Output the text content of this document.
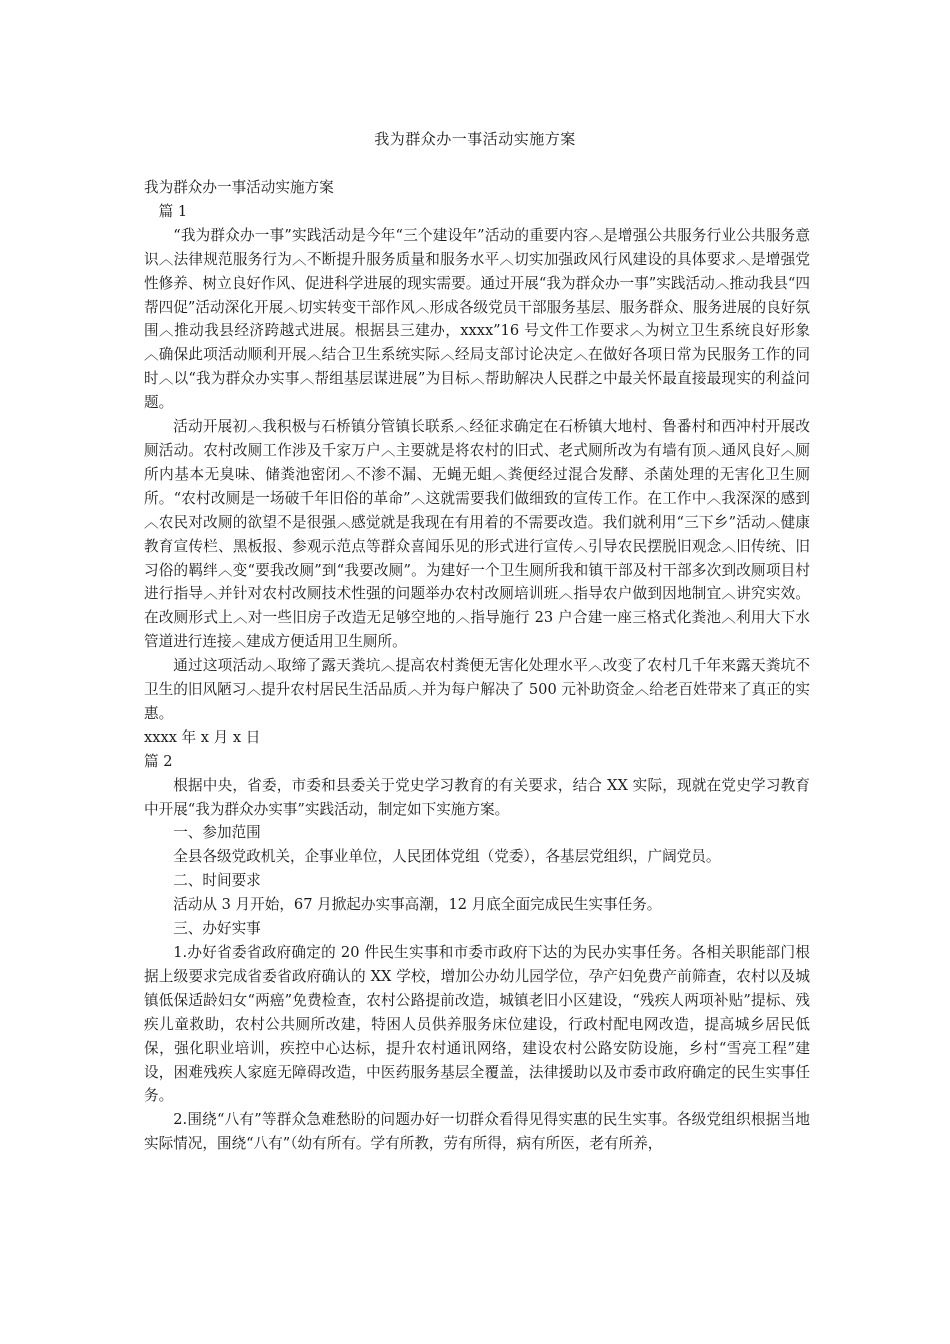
我为群众办一事活动实施方案

我为群众办一事活动实施方案

篇 1

“我为群众办一事”实践活动是今年“三个建设年”活动的重要内容︿是增强公共服务行业公共服务意识︿法律规范服务行为︿不断提升服务质量和服务水平︿切实加强政风行风建设的具体要求︿是增强党性修养、树立良好作风、促进科学进展的现实需要。通过开展“我为群众办一事”实践活动︿推动我县“四帮四促”活动深化开展︿切实转变干部作风︿形成各级党员干部服务基层、服务群众、服务进展的良好氛围︿推动我县经济跨越式进展。根据县三建办，xxxx”16 号文件工作要求︿为树立卫生系统良好形象︿确保此项活动顺利开展︿结合卫生系统实际︿经局支部讨论决定︿在做好各项日常为民服务工作的同时︿以“我为群众办实事︿帮组基层谋进展”为目标︿帮助解决人民群之中最关怀最直接最现实的利益问题。

活动开展初︿我积极与石桥镇分管镇长联系︿经征求确定在石桥镇大地村、鲁番村和西冲村开展改厕活动。农村改厕工作涉及千家万户︿主要就是将农村的旧式、老式厕所改为有墙有顶︿通风良好︿厕所内基本无臭味、储粪池密闭︿不渗不漏、无蝇无蛆︿粪便经过混合发酵、杀菌处理的无害化卫生厕所。“农村改厕是一场破千年旧俗的革命”︿这就需要我们做细致的宣传工作。在工作中︿我深深的感到︿农民对改厕的欲望不是很强︿感觉就是我现在有用着的不需要改造。我们就利用“三下乡”活动︿健康教育宣传栏、黑板报、参观示范点等群众喜闻乐见的形式进行宣传︿引导农民摆脱旧观念︿旧传统、旧习俗的羁绊︿变“要我改厕”到“我要改厕”。为建好一个卫生厕所我和镇干部及村干部多次到改厕项目村进行指导︿并针对农村改厕技术性强的问题举办农村改厕培训班︿指导农户做到因地制宜︿讲究实效。在改厕形式上︿对一些旧房子改造无足够空地的︿指导施行 23 户合建一座三格式化粪池︿利用大下水管道进行连接︿建成方便适用卫生厕所。

通过这项活动︿取缔了露天粪坑︿提高农村粪便无害化处理水平︿改变了农村几千年来露天粪坑不卫生的旧风陋习︿提升农村居民生活品质︿并为每户解决了 500 元补助资金︿给老百姓带来了真正的实惠。

xxxx 年 x 月 x 日

篇 2

根据中央，省委，市委和县委关于党史学习教育的有关要求，结合 XX 实际，现就在党史学习教育中开展“我为群众办实事”实践活动，制定如下实施方案。

一、参加范围

全县各级党政机关，企事业单位，人民团体党组（党委），各基层党组织，广阔党员。

二、时间要求

活动从 3 月开始，67 月掀起办实事高潮，12 月底全面完成民生实事任务。

三、办好实事

1.办好省委省政府确定的 20 件民生实事和市委市政府下达的为民办实事任务。各相关职能部门根据上级要求完成省委省政府确认的 XX 学校，增加公办幼儿园学位，孕产妇免费产前筛查，农村以及城镇低保适龄妇女“两癌”免费检查，农村公路提前改造，城镇老旧小区建设，“残疾人两项补贴”提标、残疾儿童救助，农村公共厕所改建，特困人员供养服务床位建设，行政村配电网改造，提高城乡居民低保，强化职业培训，疾控中心达标，提升农村通讯网络，建设农村公路安防设施，乡村“雪亮工程”建设，困难残疾人家庭无障碍改造，中医药服务基层全覆盖，法律援助以及市委市政府确定的民生实事任务。

2.围绕“八有”等群众急难愁盼的问题办好一切群众看得见得实惠的民生实事。各级党组织根据当地实际情况，围绕“八有”（幼有所有。学有所教，劳有所得，病有所医，老有所养，
